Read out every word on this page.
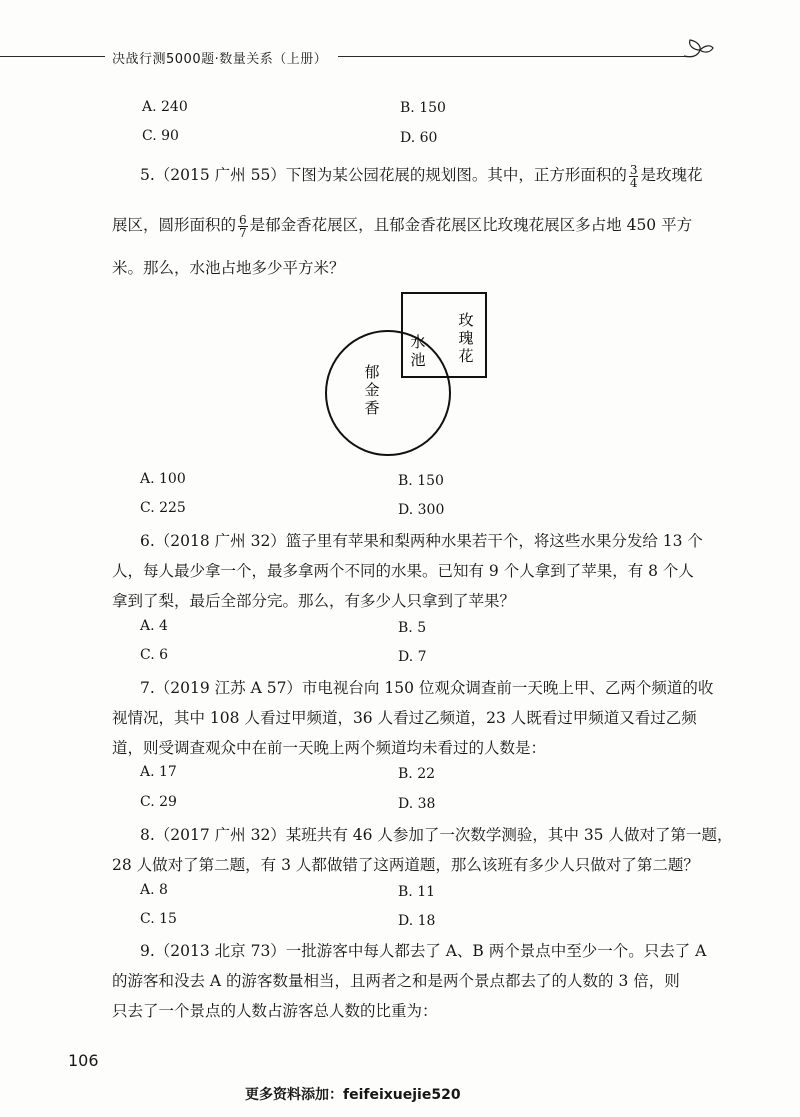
决战行测5000题·数量关系（上册）
A. 240	B. 150
C. 90	D. 60
5.（2015 广州 55）下图为某公园花展的规划图。其中，正方形面积的 $\frac{3}{4}$ 是玫瑰花
展区，圆形面积的 $\frac{6}{7}$ 是郁金香花展区，且郁金香花展区比玫瑰花展区多占地 450 平方
米。那么，水池占地多少平方米？
玫
瑰
花
水
池
郁
金
香
A. 100	B. 150
C. 225	D. 300
6.（2018 广州 32）篮子里有苹果和梨两种水果若干个，将这些水果分发给 13 个
人，每人最少拿一个，最多拿两个不同的水果。已知有 9 个人拿到了苹果，有 8 个人
拿到了梨，最后全部分完。那么，有多少人只拿到了苹果？
A. 4	B. 5
C. 6	D. 7
7.（2019 江苏 A 57）市电视台向 150 位观众调查前一天晚上甲、乙两个频道的收
视情况，其中 108 人看过甲频道，36 人看过乙频道，23 人既看过甲频道又看过乙频
道，则受调查观众中在前一天晚上两个频道均未看过的人数是：
A. 17	B. 22
C. 29	D. 38
8.（2017 广州 32）某班共有 46 人参加了一次数学测验，其中 35 人做对了第一题，
28 人做对了第二题，有 3 人都做错了这两道题，那么该班有多少人只做对了第二题？
A. 8	B. 11
C. 15	D. 18
9.（2013 北京 73）一批游客中每人都去了 A、B 两个景点中至少一个。只去了 A
的游客和没去 A 的游客数量相当，且两者之和是两个景点都去了的人数的 3 倍，则
只去了一个景点的人数占游客总人数的比重为：
106
更多资料添加：feifeixuejie520
